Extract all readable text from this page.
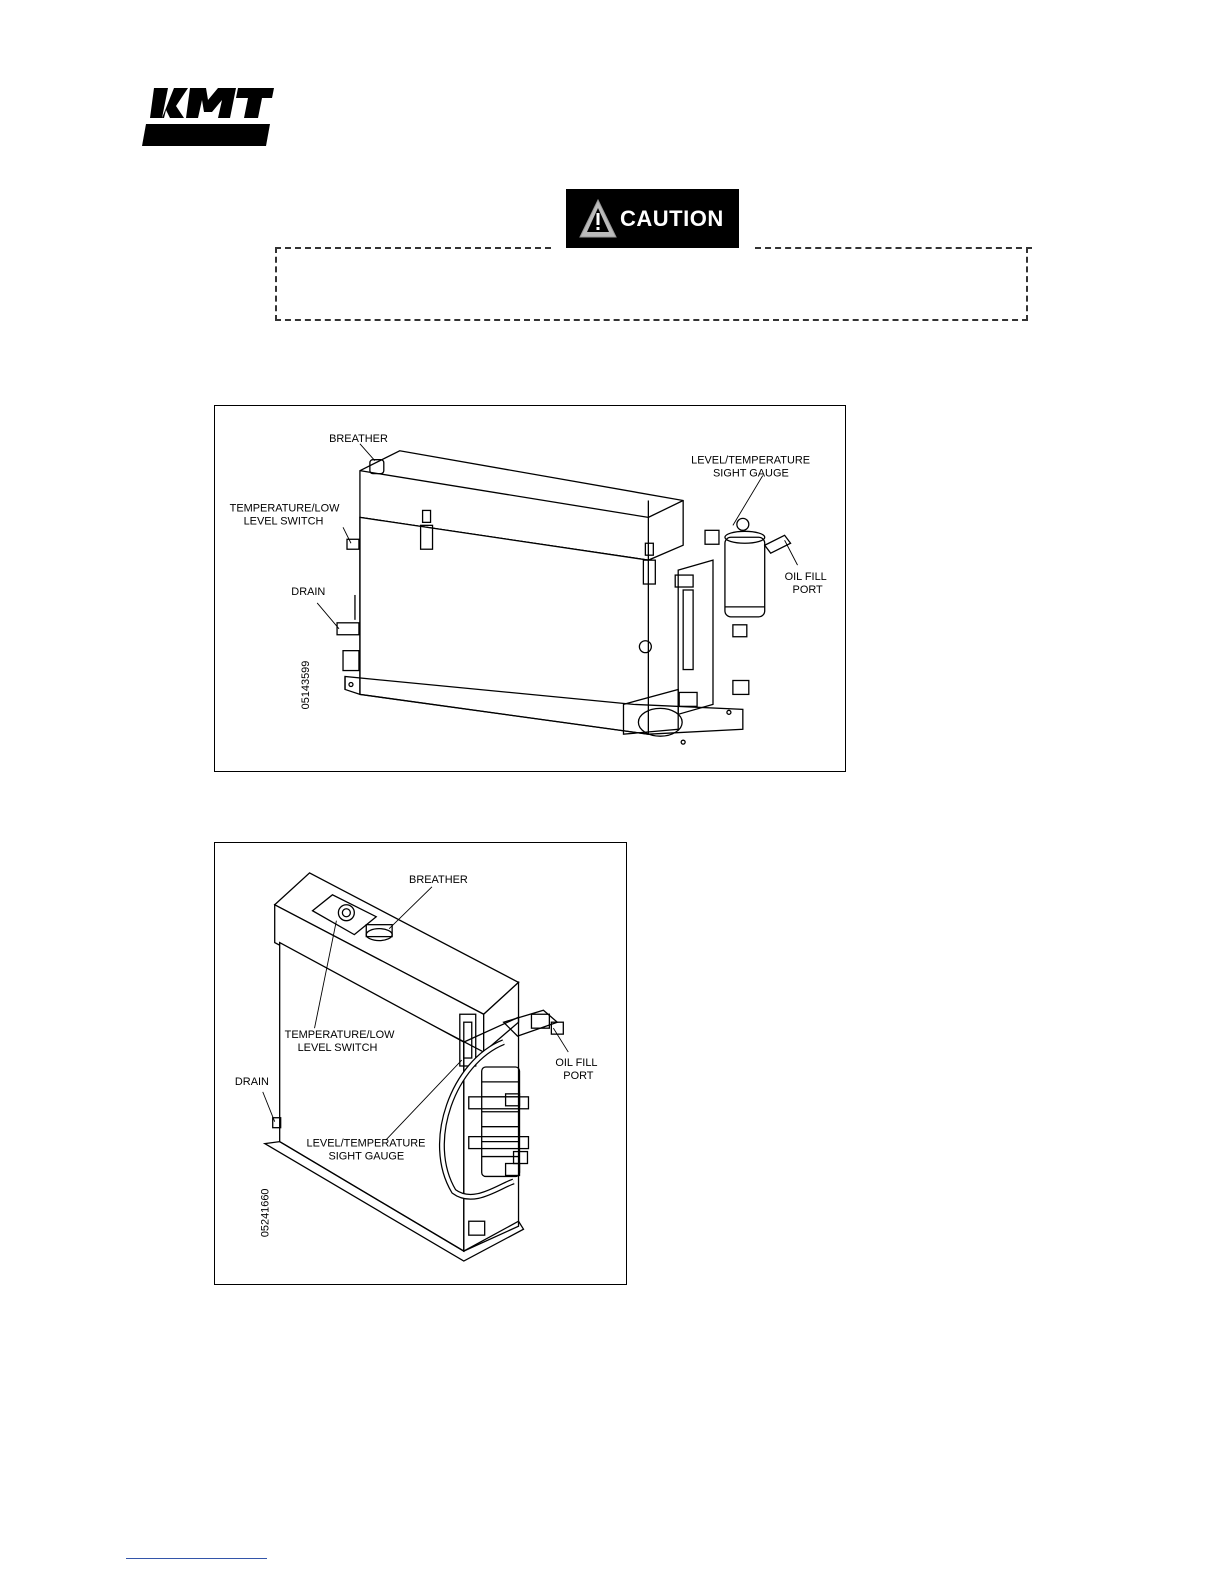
CAUTION
BREATHER
TEMPERATURE/LOW
LEVEL SWITCH
DRAIN
LEVEL/TEMPERATURE
SIGHT GAUGE
OIL FILL
PORT
05143599
BREATHER
TEMPERATURE/LOW
LEVEL SWITCH
DRAIN
LEVEL/TEMPERATURE
SIGHT GAUGE
OIL FILL
PORT
05241660
